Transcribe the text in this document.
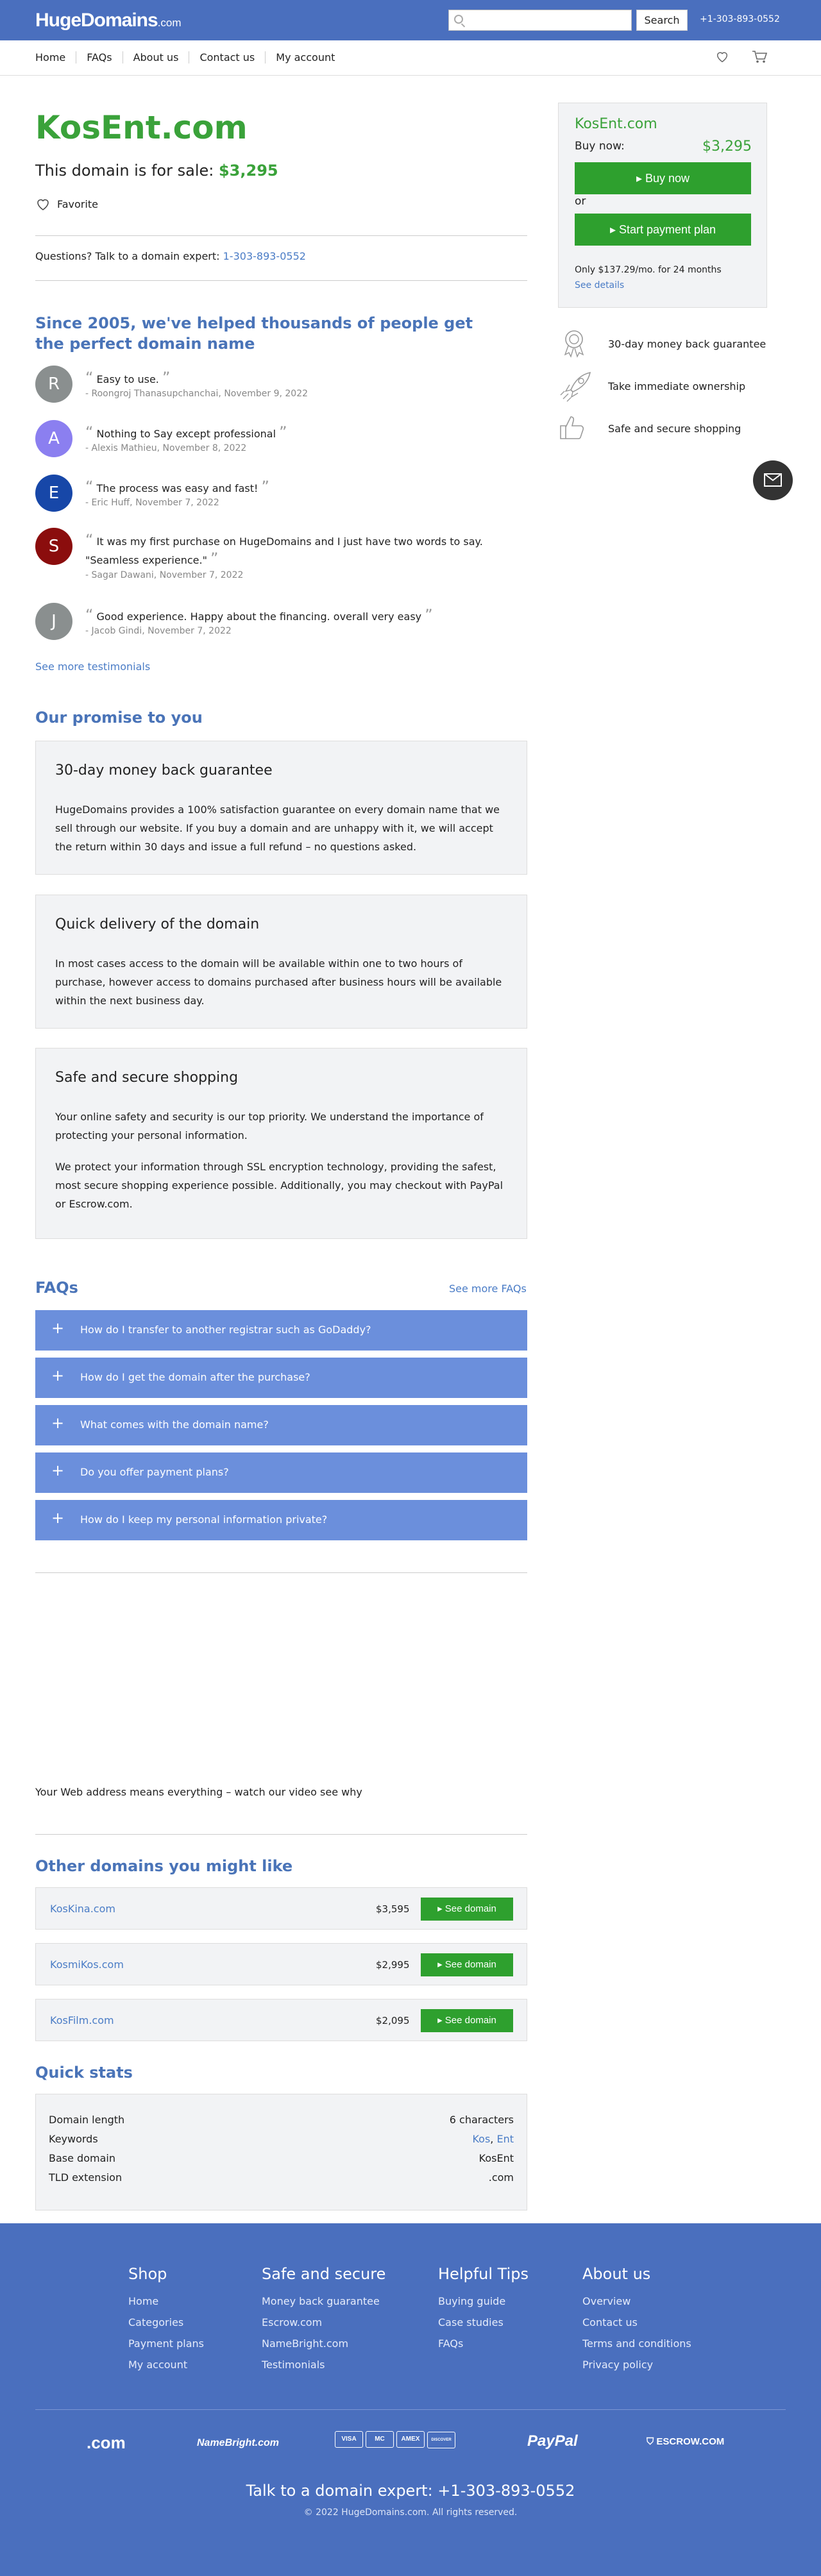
HugeDomains.com	Search	+1-303-893-0552
Home	FAQs	About us	Contact us	My account
KosEnt.com
This domain is for sale: $3,295
Favorite
Questions? Talk to a domain expert: 1-303-893-0552
KosEnt.com
Buy now:	$3,295
▸ Buy now
or
▸ Start payment plan
Only $137.29/mo. for 24 months
See details
30-day money back guarantee
Take immediate ownership
Safe and secure shopping
Since 2005, we've helped thousands of people get the perfect domain name
R	“ Easy to use. ”
- Roongroj Thanasupchanchai, November 9, 2022
A	“ Nothing to Say except professional ”
- Alexis Mathieu, November 8, 2022
E	“ The process was easy and fast! ”
- Eric Huff, November 7, 2022
S	“ It was my first purchase on HugeDomains and I just have two words to say. "Seamless experience." ”
- Sagar Dawani, November 7, 2022
J	“ Good experience. Happy about the financing. overall very easy ”
- Jacob Gindi, November 7, 2022
See more testimonials
Our promise to you
30-day money back guarantee

HugeDomains provides a 100% satisfaction guarantee on every domain name that we sell through our website. If you buy a domain and are unhappy with it, we will accept the return within 30 days and issue a full refund – no questions asked.

Quick delivery of the domain

In most cases access to the domain will be available within one to two hours of purchase, however access to domains purchased after business hours will be available within the next business day.

Safe and secure shopping

Your online safety and security is our top priority. We understand the importance of protecting your personal information.

We protect your information through SSL encryption technology, providing the safest, most secure shopping experience possible. Additionally, you may checkout with PayPal or Escrow.com.

FAQs	See more FAQs
+ How do I transfer to another registrar such as GoDaddy?
+ How do I get the domain after the purchase?
+ What comes with the domain name?
+ Do you offer payment plans?
+ How do I keep my personal information private?
Your Web address means everything – watch our video see why
Other domains you might like
KosKina.com	$3,595	▸ See domain
KosmiKos.com	$2,995	▸ See domain
KosFilm.com	$2,095	▸ See domain
Quick stats
Domain length	6 characters
Keywords	Kos, Ent
Base domain	KosEnt
TLD extension	.com
Shop
Home
Categories
Payment plans
My account
Safe and secure
Money back guarantee
Escrow.com
NameBright.com
Testimonials
Helpful Tips
Buying guide
Case studies
FAQs
About us
Overview
Contact us
Terms and conditions
Privacy policy
.com	NameBright.com	VISA	MC	AMEX	DISCOVER	PayPal	⛉ ESCROW.COM
Talk to a domain expert: +1-303-893-0552
© 2022 HugeDomains.com. All rights reserved.
